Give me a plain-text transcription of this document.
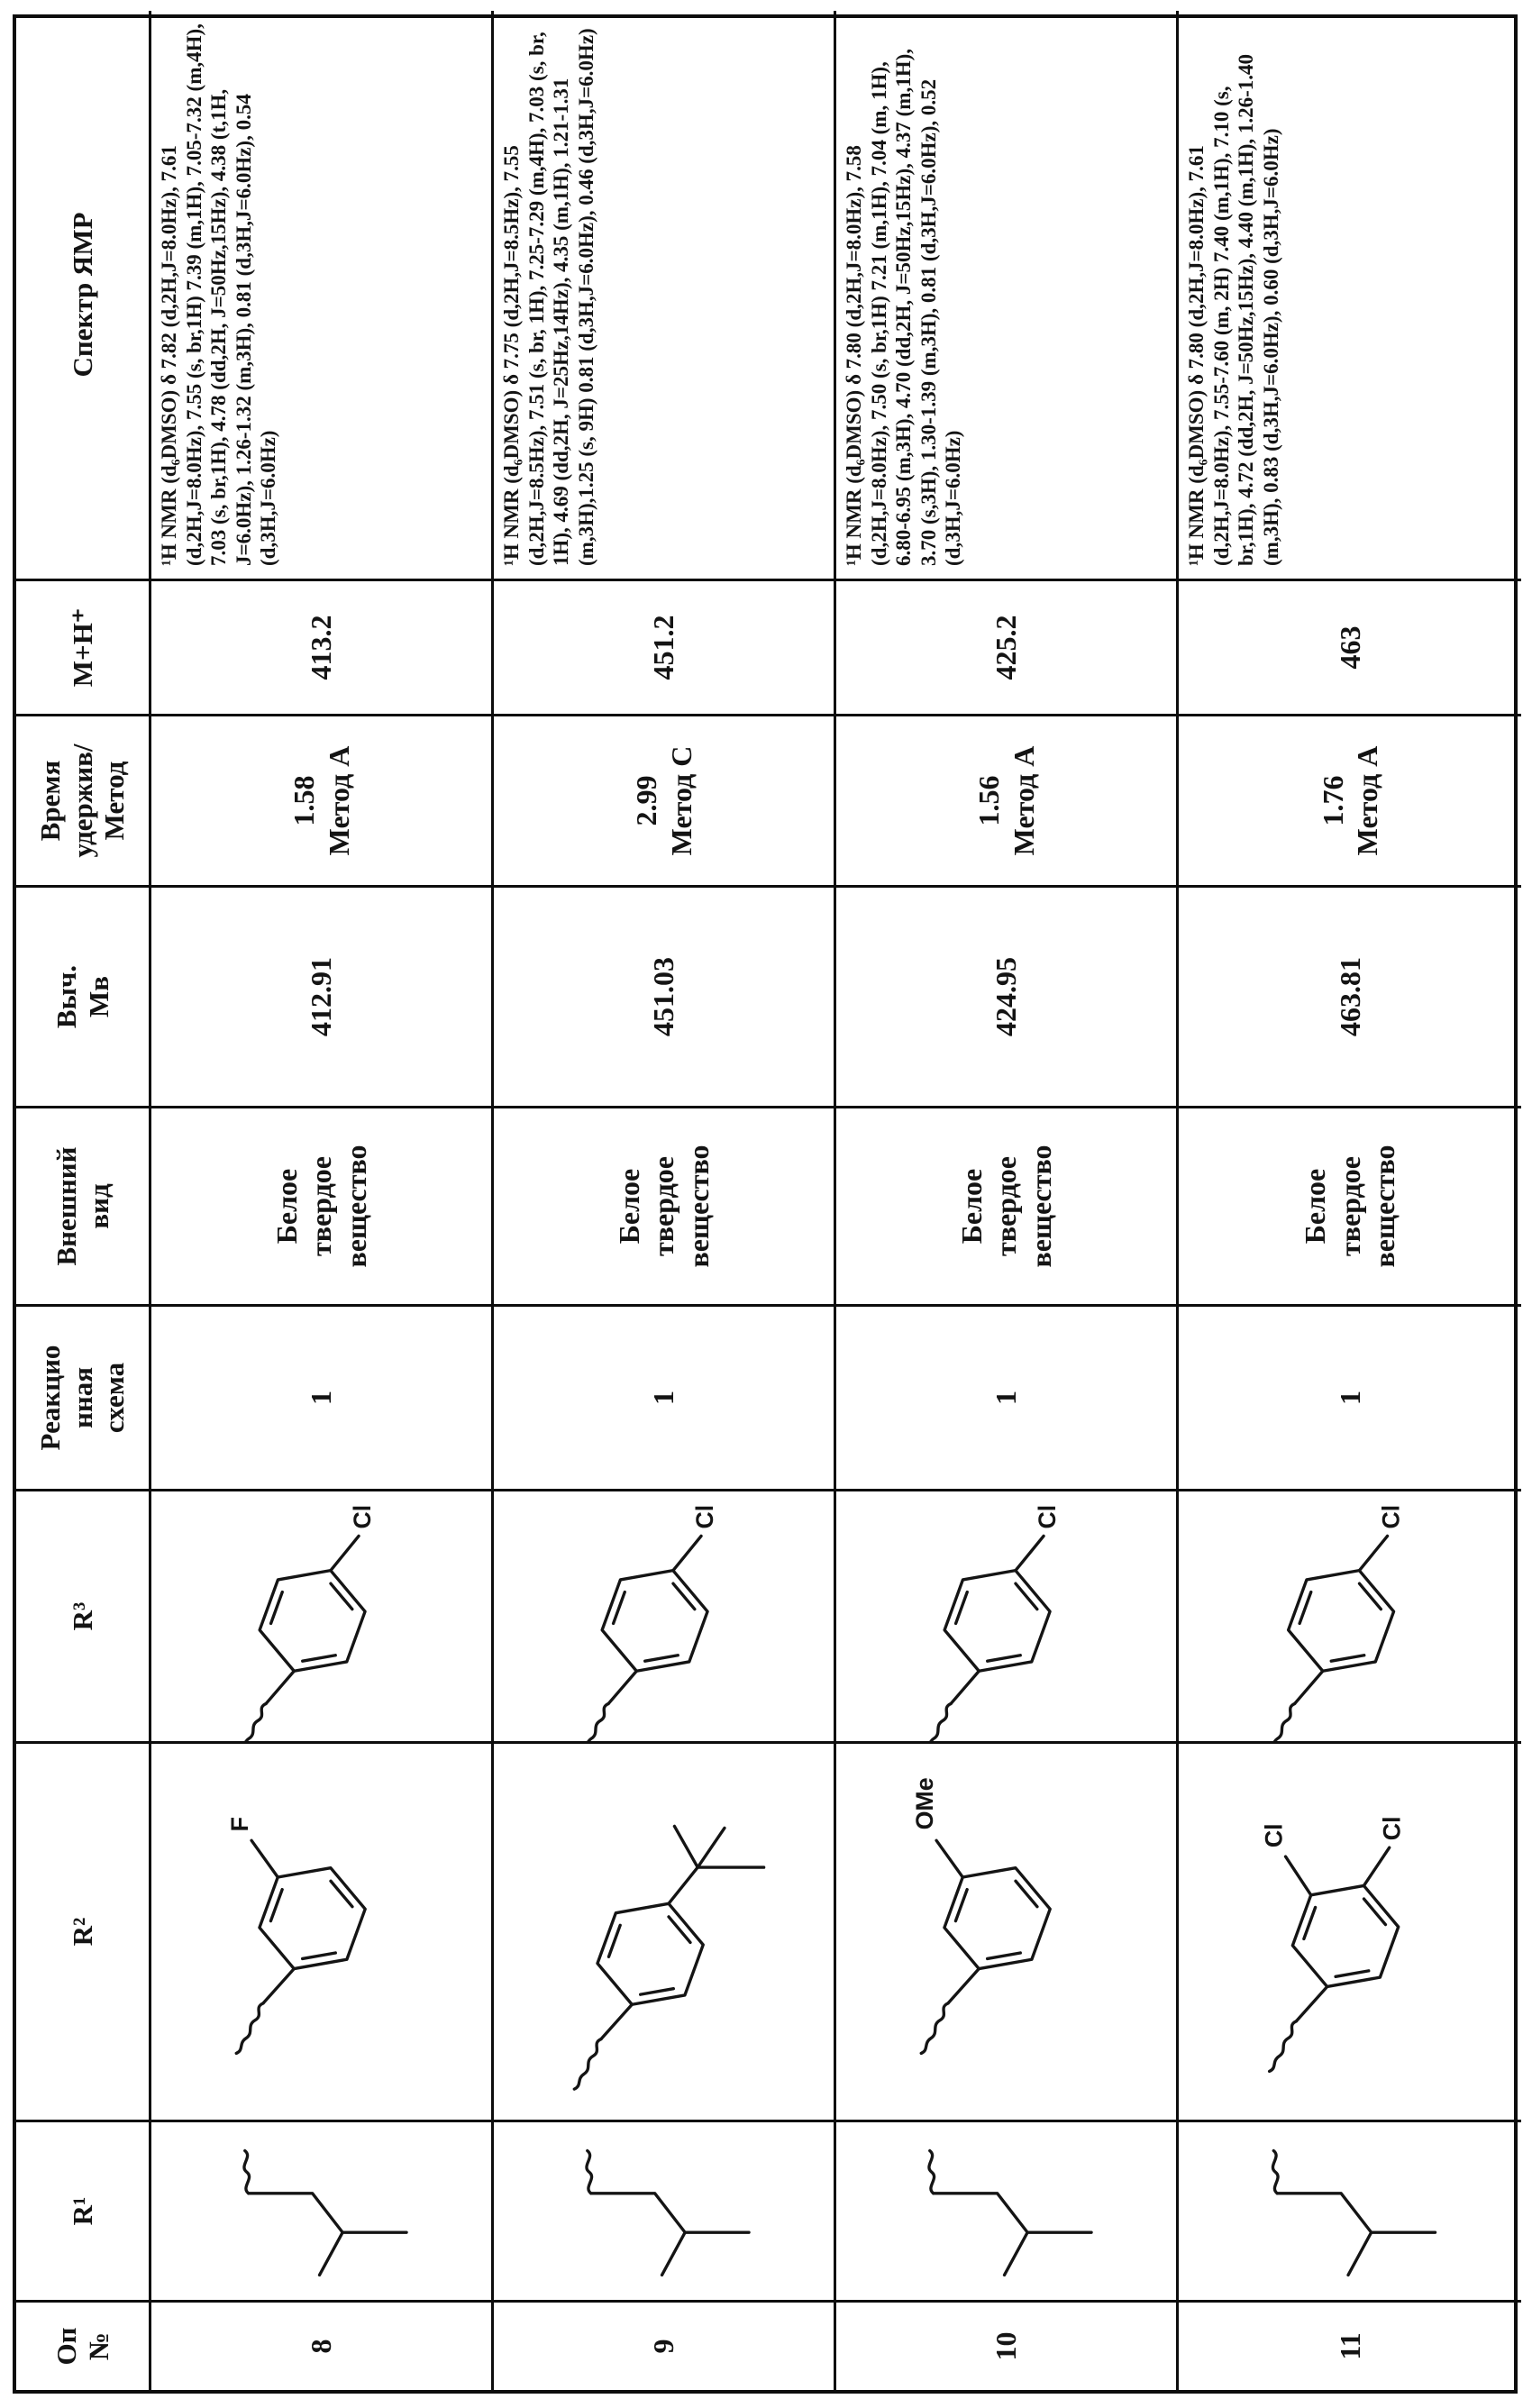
Оп
№
R¹
R²
R³
Реакцио
нная
схема
Внешний
вид
Выч.
Мв
Время
удержив/
Метод
M+H⁺
Спектр ЯМР
8
F
Cl
1
Белое
твердое
вещество
412.91
1.58
Метод А
413.2
¹H NMR (d₆DMSO) δ 7.82 (d,2H,J=8.0Hz), 7.61 (d,2H,J=8.0Hz), 7.55 (s, br,1H) 7.39 (m,1H), 7.05-7.32 (m,4H), 7.03 (s, br,1H), 4.78 (dd,2H, J=50Hz,15Hz), 4.38 (t,1H, J=6.0Hz), 1.26-1.32 (m,3H), 0.81 (d,3H,J=6.0Hz), 0.54 (d,3H,J=6.0Hz)
9
Cl
1
Белое
твердое
вещество
451.03
2.99
Метод C
451.2
¹H NMR (d₆DMSO) δ 7.75 (d,2H,J=8.5Hz), 7.55 (d,2H,J=8.5Hz), 7.51 (s, br, 1H), 7.25-7.29 (m,4H), 7.03 (s, br, 1H), 4.69 (dd,2H, J=25Hz,14Hz), 4.35 (m,1H), 1.21-1.31 (m,3H),1.25 (s, 9H) 0.81 (d,3H,J=6.0Hz), 0.46 (d,3H,J=6.0Hz)
10
OMe
Cl
1
Белое
твердое
вещество
424.95
1.56
Метод А
425.2
¹H NMR (d₆DMSO) δ 7.80 (d,2H,J=8.0Hz), 7.58 (d,2H,J=8.0Hz), 7.50 (s, br,1H) 7.21 (m,1H), 7.04 (m, 1H), 6.80-6.95 (m,3H), 4.70 (dd,2H, J=50Hz,15Hz), 4.37 (m,1H), 3.70 (s,3H), 1.30-1.39 (m,3H), 0.81 (d,3H,J=6.0Hz), 0.52 (d,3H,J=6.0Hz)
11
Cl	Cl
Cl
1
Белое
твердое
вещество
463.81
1.76
Метод А
463
¹H NMR (d₆DMSO) δ 7.80 (d,2H,J=8.0Hz), 7.61 (d,2H,J=8.0Hz), 7.55-7.60 (m, 2H) 7.40 (m,1H), 7.10 (s, br,1H), 4.72 (dd,2H, J=50Hz,15Hz), 4.40 (m,1H), 1.26-1.40 (m,3H), 0.83 (d,3H,J=6.0Hz), 0.60 (d,3H,J=6.0Hz)
